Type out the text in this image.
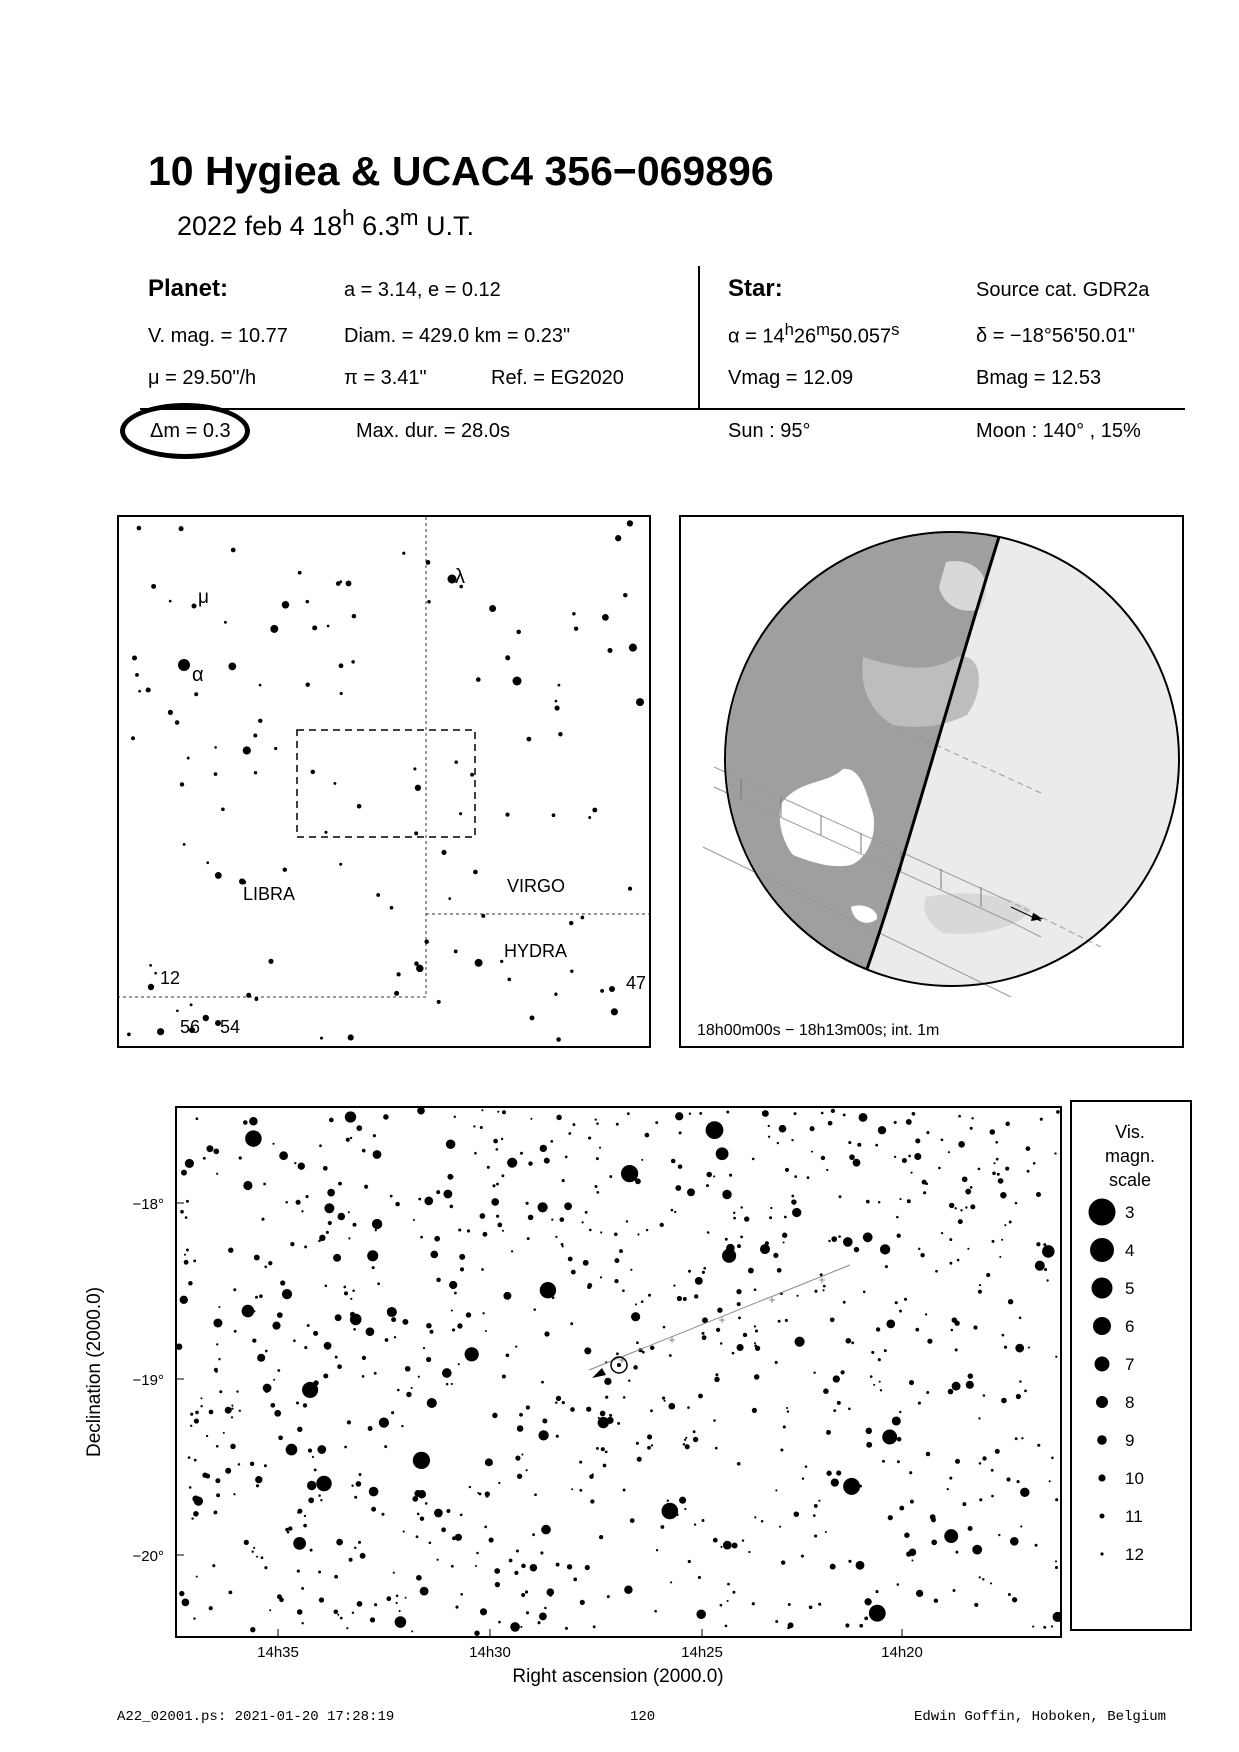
10 Hygiea & UCAC4 356−069896
2022 feb 4 18$^h$ 6.3$^m$ U.T.
Planet:	a = 3.14, e = 0.12
V. mag. = 10.77	Diam. = 429.0 km = 0.23"
μ = 29.50"/h	π = 3.41"	Ref. = EG2020
Star:	Source cat. GDR2a
$\alpha = 14^h26^m50.057^s$	δ = −18°56'50.01"
Vmag = 12.09	Bmag = 12.53
Δm = 0.3	Max. dur. = 28.0s	Sun : 95°	Moon : 140° , 15%
μ
α
λ
LIBRA	VIRGO
HYDRA
12	47
56 54	18h00m00s − 18h13m00s; int. 1m
−18°
−19°
−20°
14h35	14h30	14h25	14h20
Right ascension (2000.0)
Declination (2000.0)
Vis.
magn.
scale
3
4
5
6
7
8
9
10
11
12
A22_02001.ps: 2021-01-20 17:28:19	120	Edwin Goffin, Hoboken, Belgium
